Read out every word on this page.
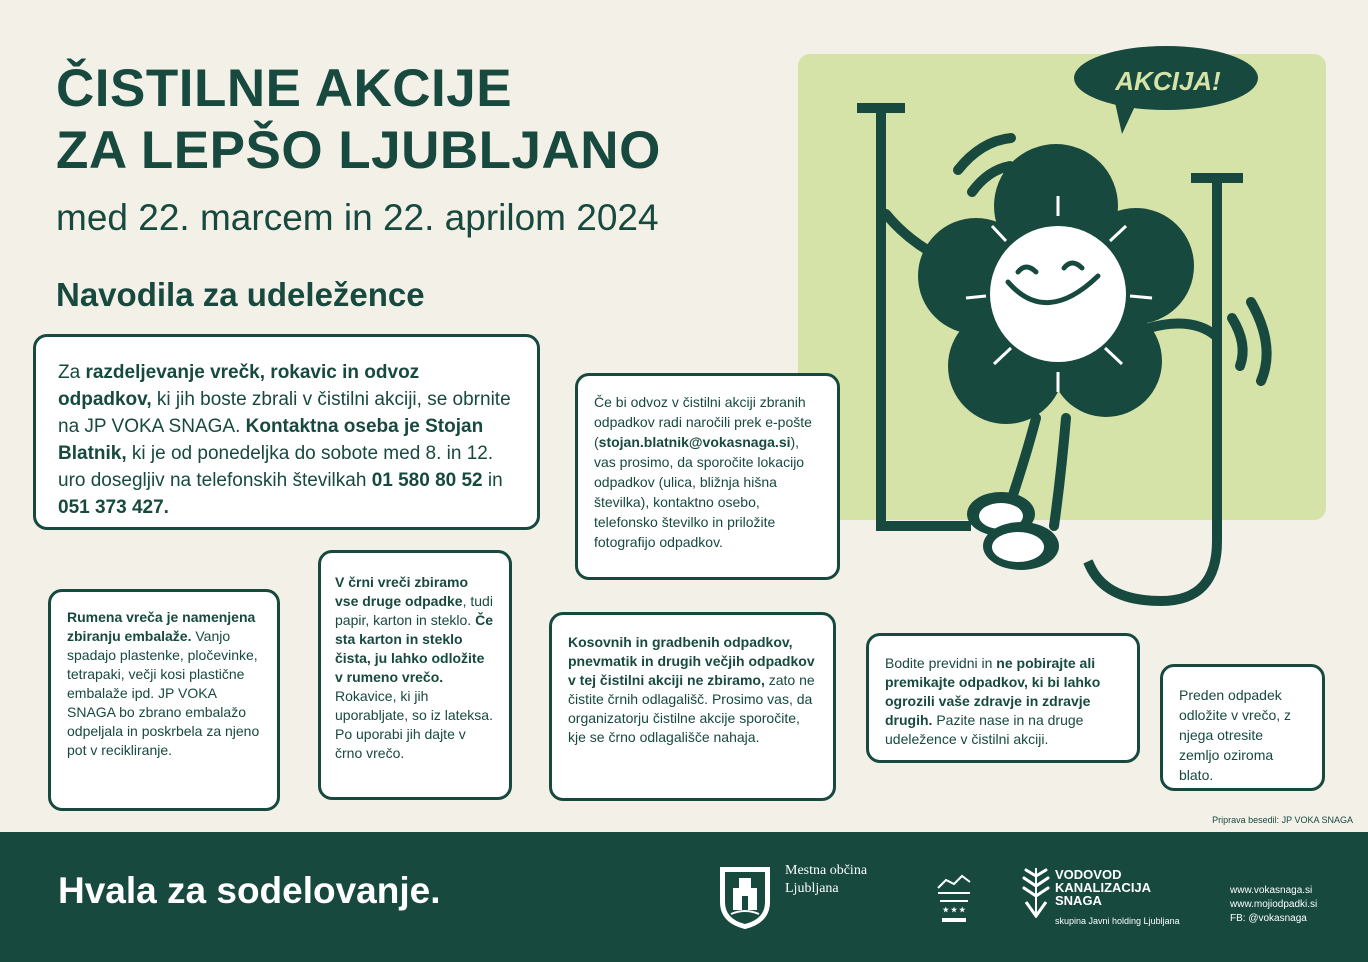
ČISTILNE AKCIJE
ZA LEPŠO LJUBLJANO
med 22. marcem in 22. aprilom 2024
Navodila za udeležence
AKCIJA!
Za razdeljevanje vrečk, rokavic in odvoz odpadkov, ki jih boste zbrali v čistilni akciji, se obrnite na JP VOKA SNAGA. Kontaktna oseba je Stojan Blatnik, ki je od ponedeljka do sobote med 8. in 12. uro dosegljiv na telefonskih številkah 01 580 80 52 in 051 373 427.
Če bi odvoz v čistilni akciji zbranih odpadkov radi naročili prek e-pošte (stojan.blatnik@vokasnaga.si), vas prosimo, da sporočite lokacijo odpadkov (ulica, bližnja hišna številka), kontaktno osebo, telefonsko številko in priložite fotografijo odpadkov.
Rumena vreča je namenjena zbiranju embalaže. Vanjo spadajo plastenke, pločevinke, tetrapaki, večji kosi plastične embalaže ipd. JP VOKA SNAGA bo zbrano embalažo odpeljala in poskrbela za njeno pot v recikliranje.
V črni vreči zbiramo vse druge odpadke, tudi papir, karton in steklo. Če sta karton in steklo čista, ju lahko odložite v rumeno vrečo. Rokavice, ki jih uporabljate, so iz lateksa. Po uporabi jih dajte v črno vrečo.
Kosovnih in gradbenih odpadkov, pnevmatik in drugih večjih odpadkov v tej čistilni akciji ne zbiramo, zato ne čistite črnih odlagališč. Prosimo vas, da organizatorju čistilne akcije sporočite, kje se črno odlagališče nahaja.
Bodite previdni in ne pobirajte ali premikajte odpadkov, ki bi lahko ogrozili vaše zdravje in zdravje drugih. Pazite nase in na druge udeležence v čistilni akciji.
Preden odpadek odložite v vrečo, z njega otresite zemljo oziroma blato.
Priprava besedil: JP VOKA SNAGA
Hvala za sodelovanje.	Mestna občina
Ljubljana
★ ★ ★
VODOVOD
KANALIZACIJA
SNAGA
skupina Javni holding Ljubljana
www.vokasnaga.si
www.mojiodpadki.si
FB: @vokasnaga
